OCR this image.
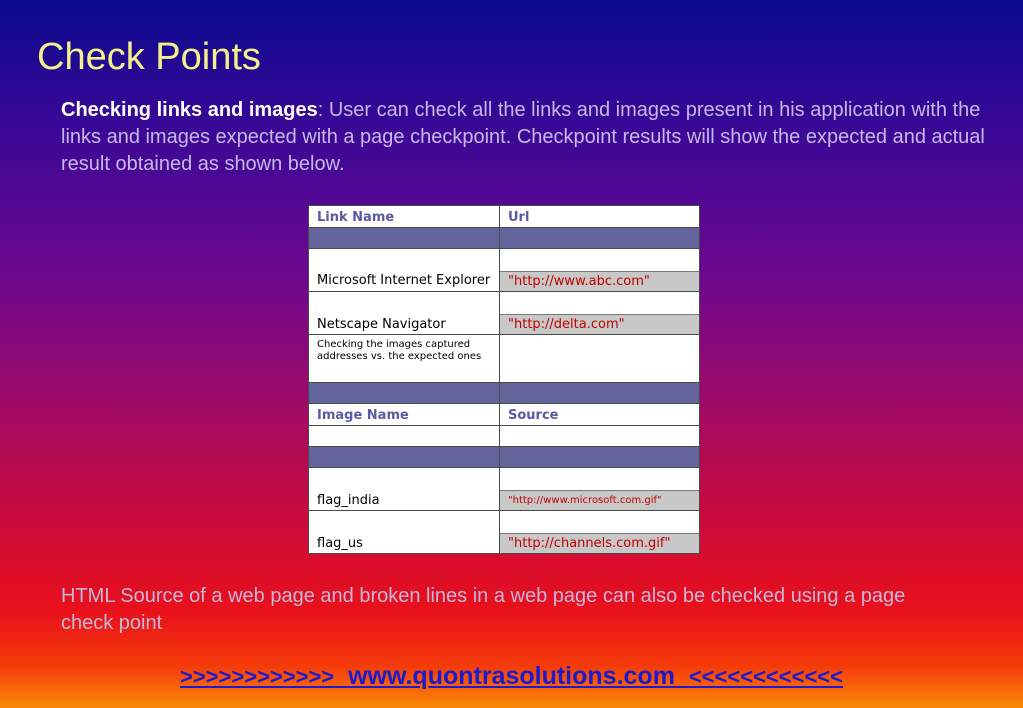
Check Points
Checking links and images: User can check all the links and images present in his application with the links and images expected with a page checkpoint. Checkpoint results will show the expected and actual result obtained as shown below.
Link Name	Url

Microsoft Internet Explorer	"http://www.abc.com"

Netscape Navigator	"http://delta.com"

Checking the images captured addresses vs. the expected ones	

Image Name	Source

flag_india	"http://www.microsoft.com.gif"

flag_us	"http://channels.com.gif"
HTML Source of a web page and broken lines in a web page can also be checked using a page check point
>>>>>>>>>>>> www.quontrasolutions.com <<<<<<<<<<<<
